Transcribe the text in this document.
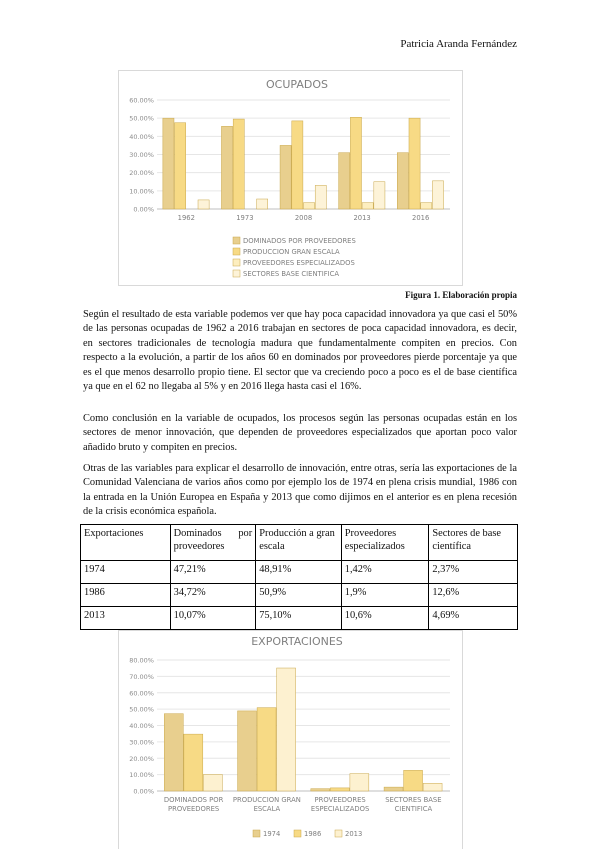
Patricia Aranda Fernández
OCUPADOS
0.00%
10.00%
20.00%
30.00%
40.00%
50.00%
60.00%
1962	1973	2008	2013	2016
DOMINADOS POR PROVEEDORES
PRODUCCION GRAN ESCALA
PROVEEDORES ESPECIALIZADOS
SECTORES BASE CIENTIFICA
Figura 1. Elaboración propia

Según el resultado de esta variable podemos ver que hay poca capacidad innovadora ya que casi el 50% de las personas ocupadas de 1962 a 2016 trabajan en sectores de poca capacidad innovadora, es decir, en sectores tradicionales de tecnología madura que fundamentalmente compiten en precios. Con respecto a la evolución, a partir de los años 60 en dominados por proveedores pierde porcentaje ya que es el que menos desarrollo propio tiene. El sector que va creciendo poco a poco es el de base científica ya que en el 62 no llegaba al 5% y en 2016 llega hasta casi el 16%.

Como conclusión en la variable de ocupados, los procesos según las personas ocupadas están en los sectores de menor innovación, que dependen de proveedores especializados que aportan poco valor añadido bruto y compiten en precios.

Otras de las variables para explicar el desarrollo de innovación, entre otras, sería las exportaciones de la Comunidad Valenciana de varios años como por ejemplo los de 1974 en plena crisis mundial, 1986 con la entrada en la Unión Europea en España y 2013 que como dijimos en el anterior es en plena recesión de la crisis económica española.

Exportaciones	Dominados por proveedores	Producción a gran escala	Proveedores especializados	Sectores de base científica
1974	47,21%	48,91%	1,42%	2,37%
1986	34,72%	50,9%	1,9%	12,6%
2013	10,07%	75,10%	10,6%	4,69%
EXPORTACIONES
0.00%
10.00%
20.00%
30.00%
40.00%
50.00%
60.00%
70.00%
80.00%
DOMINADOS POR
PROVEEDORES
PRODUCCION GRAN
ESCALA
PROVEEDORES
ESPECIALIZADOS
SECTORES BASE
CIENTIFICA
1974	1986	2013
